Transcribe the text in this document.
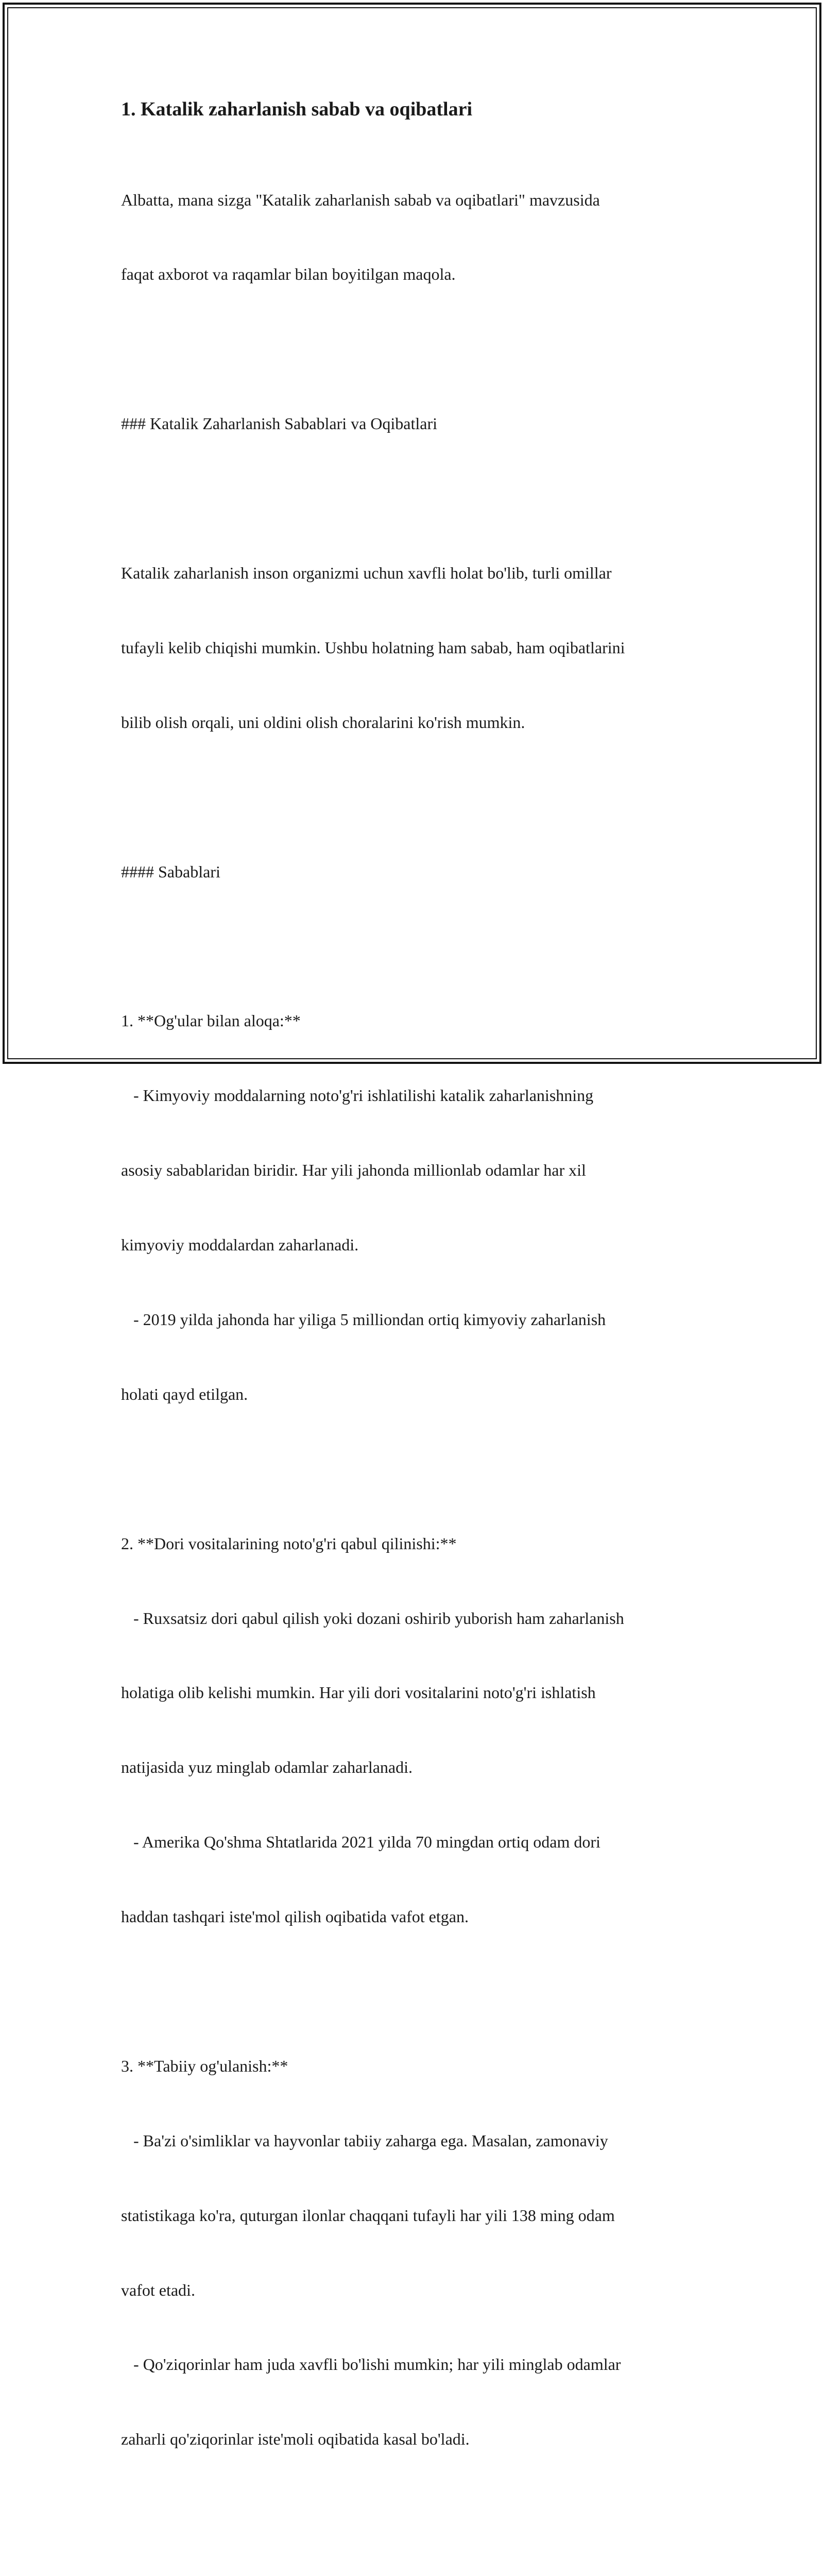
1. Katalik zaharlanish sabab va oqibatlari

Albatta, mana sizga "Katalik zaharlanish sabab va oqibatlari" mavzusida

faqat axborot va raqamlar bilan boyitilgan maqola.

### Katalik Zaharlanish Sabablari va Oqibatlari

Katalik zaharlanish inson organizmi uchun xavfli holat bo'lib, turli omillar

tufayli kelib chiqishi mumkin. Ushbu holatning ham sabab, ham oqibatlarini

bilib olish orqali, uni oldini olish choralarini ko'rish mumkin.

#### Sabablari

1. **Og'ular bilan aloqa:**

- Kimyoviy moddalarning noto'g'ri ishlatilishi katalik zaharlanishning

asosiy sabablaridan biridir. Har yili jahonda millionlab odamlar har xil

kimyoviy moddalardan zaharlanadi.

- 2019 yilda jahonda har yiliga 5 milliondan ortiq kimyoviy zaharlanish

holati qayd etilgan.

2. **Dori vositalarining noto'g'ri qabul qilinishi:**

- Ruxsatsiz dori qabul qilish yoki dozani oshirib yuborish ham zaharlanish

holatiga olib kelishi mumkin. Har yili dori vositalarini noto'g'ri ishlatish

natijasida yuz minglab odamlar zaharlanadi.

- Amerika Qo'shma Shtatlarida 2021 yilda 70 mingdan ortiq odam dori

haddan tashqari iste'mol qilish oqibatida vafot etgan.

3. **Tabiiy og'ulanish:**

- Ba'zi o'simliklar va hayvonlar tabiiy zaharga ega. Masalan, zamonaviy

statistikaga ko'ra, quturgan ilonlar chaqqani tufayli har yili 138 ming odam

vafot etadi.

- Qo'ziqorinlar ham juda xavfli bo'lishi mumkin; har yili minglab odamlar

zaharli qo'ziqorinlar iste'moli oqibatida kasal bo'ladi.
